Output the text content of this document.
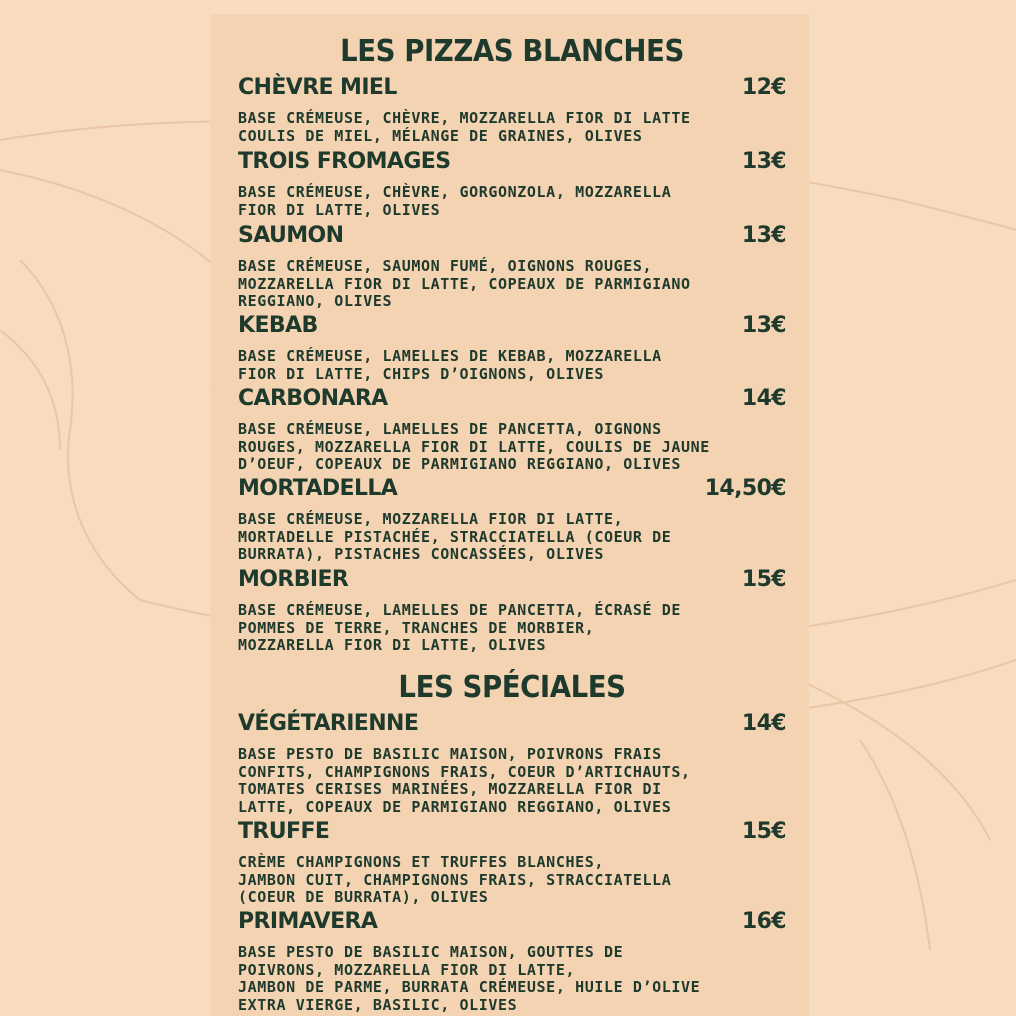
LES PIZZAS BLANCHES
CHÈVRE MIEL	12€
BASE CRÉMEUSE, CHÈVRE, MOZZARELLA FIOR DI LATTE
COULIS DE MIEL, MÉLANGE DE GRAINES, OLIVES
TROIS FROMAGES	13€
BASE CRÉMEUSE, CHÈVRE, GORGONZOLA, MOZZARELLA
FIOR DI LATTE, OLIVES
SAUMON	13€
BASE CRÉMEUSE, SAUMON FUMÉ, OIGNONS ROUGES,
MOZZARELLA FIOR DI LATTE, COPEAUX DE PARMIGIANO
REGGIANO, OLIVES
KEBAB	13€
BASE CRÉMEUSE, LAMELLES DE KEBAB, MOZZARELLA
FIOR DI LATTE, CHIPS D’OIGNONS, OLIVES
CARBONARA	14€
BASE CRÉMEUSE, LAMELLES DE PANCETTA, OIGNONS
ROUGES, MOZZARELLA FIOR DI LATTE, COULIS DE JAUNE
D’OEUF, COPEAUX DE PARMIGIANO REGGIANO, OLIVES
MORTADELLA	14,50€
BASE CRÉMEUSE, MOZZARELLA FIOR DI LATTE,
MORTADELLE PISTACHÉE, STRACCIATELLA (COEUR DE
BURRATA), PISTACHES CONCASSÉES, OLIVES
MORBIER	15€
BASE CRÉMEUSE, LAMELLES DE PANCETTA, ÉCRASÉ DE
POMMES DE TERRE, TRANCHES DE MORBIER,
MOZZARELLA FIOR DI LATTE, OLIVES
LES SPÉCIALES
VÉGÉTARIENNE	14€
BASE PESTO DE BASILIC MAISON, POIVRONS FRAIS
CONFITS, CHAMPIGNONS FRAIS, COEUR D’ARTICHAUTS,
TOMATES CERISES MARINÉES, MOZZARELLA FIOR DI
LATTE, COPEAUX DE PARMIGIANO REGGIANO, OLIVES
TRUFFE	15€
CRÈME CHAMPIGNONS ET TRUFFES BLANCHES,
JAMBON CUIT, CHAMPIGNONS FRAIS, STRACCIATELLA
(COEUR DE BURRATA), OLIVES
PRIMAVERA	16€
BASE PESTO DE BASILIC MAISON, GOUTTES DE
POIVRONS, MOZZARELLA FIOR DI LATTE,
JAMBON DE PARME, BURRATA CRÉMEUSE, HUILE D’OLIVE
EXTRA VIERGE, BASILIC, OLIVES
